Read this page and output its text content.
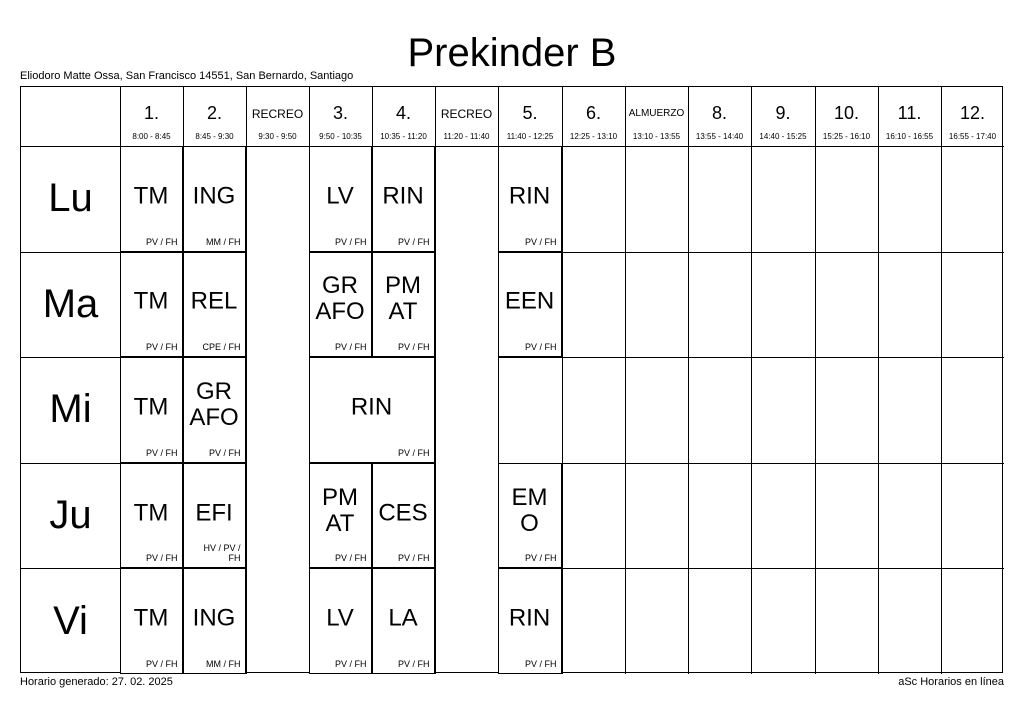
Prekinder B
Eliodoro Matte Ossa, San Francisco 14551, San Bernardo, Santiago
1.
8:00 - 8:45
2.
8:45 - 9:30
RECREO
9:30 - 9:50
3.
9:50 - 10:35
4.
10:35 - 11:20
RECREO
11:20 - 11:40
5.
11:40 - 12:25
6.
12:25 - 13:10
ALMUERZO
13:10 - 13:55
8.
13:55 - 14:40
9.
14:40 - 15:25
10.
15:25 - 16:10
11.
16:10 - 16:55
12.
16:55 - 17:40
Lu
Ma
Mi
Ju
Vi
TM
PV / FH
ING
MM / FH
LV
PV / FH
RIN
PV / FH
RIN
PV / FH
TM
PV / FH
REL
CPE / FH
GR
AFO
PV / FH
PM
AT
PV / FH
EEN
PV / FH
TM
PV / FH
GR
AFO
PV / FH
RIN
PV / FH
TM
PV / FH
EFI
HV / PV /
FH
PM
AT
PV / FH
CES
PV / FH
EM
O
PV / FH
TM
PV / FH
ING
MM / FH
LV
PV / FH
LA
PV / FH
RIN
PV / FH
Horario generado: 27. 02. 2025	aSc Horarios en línea
